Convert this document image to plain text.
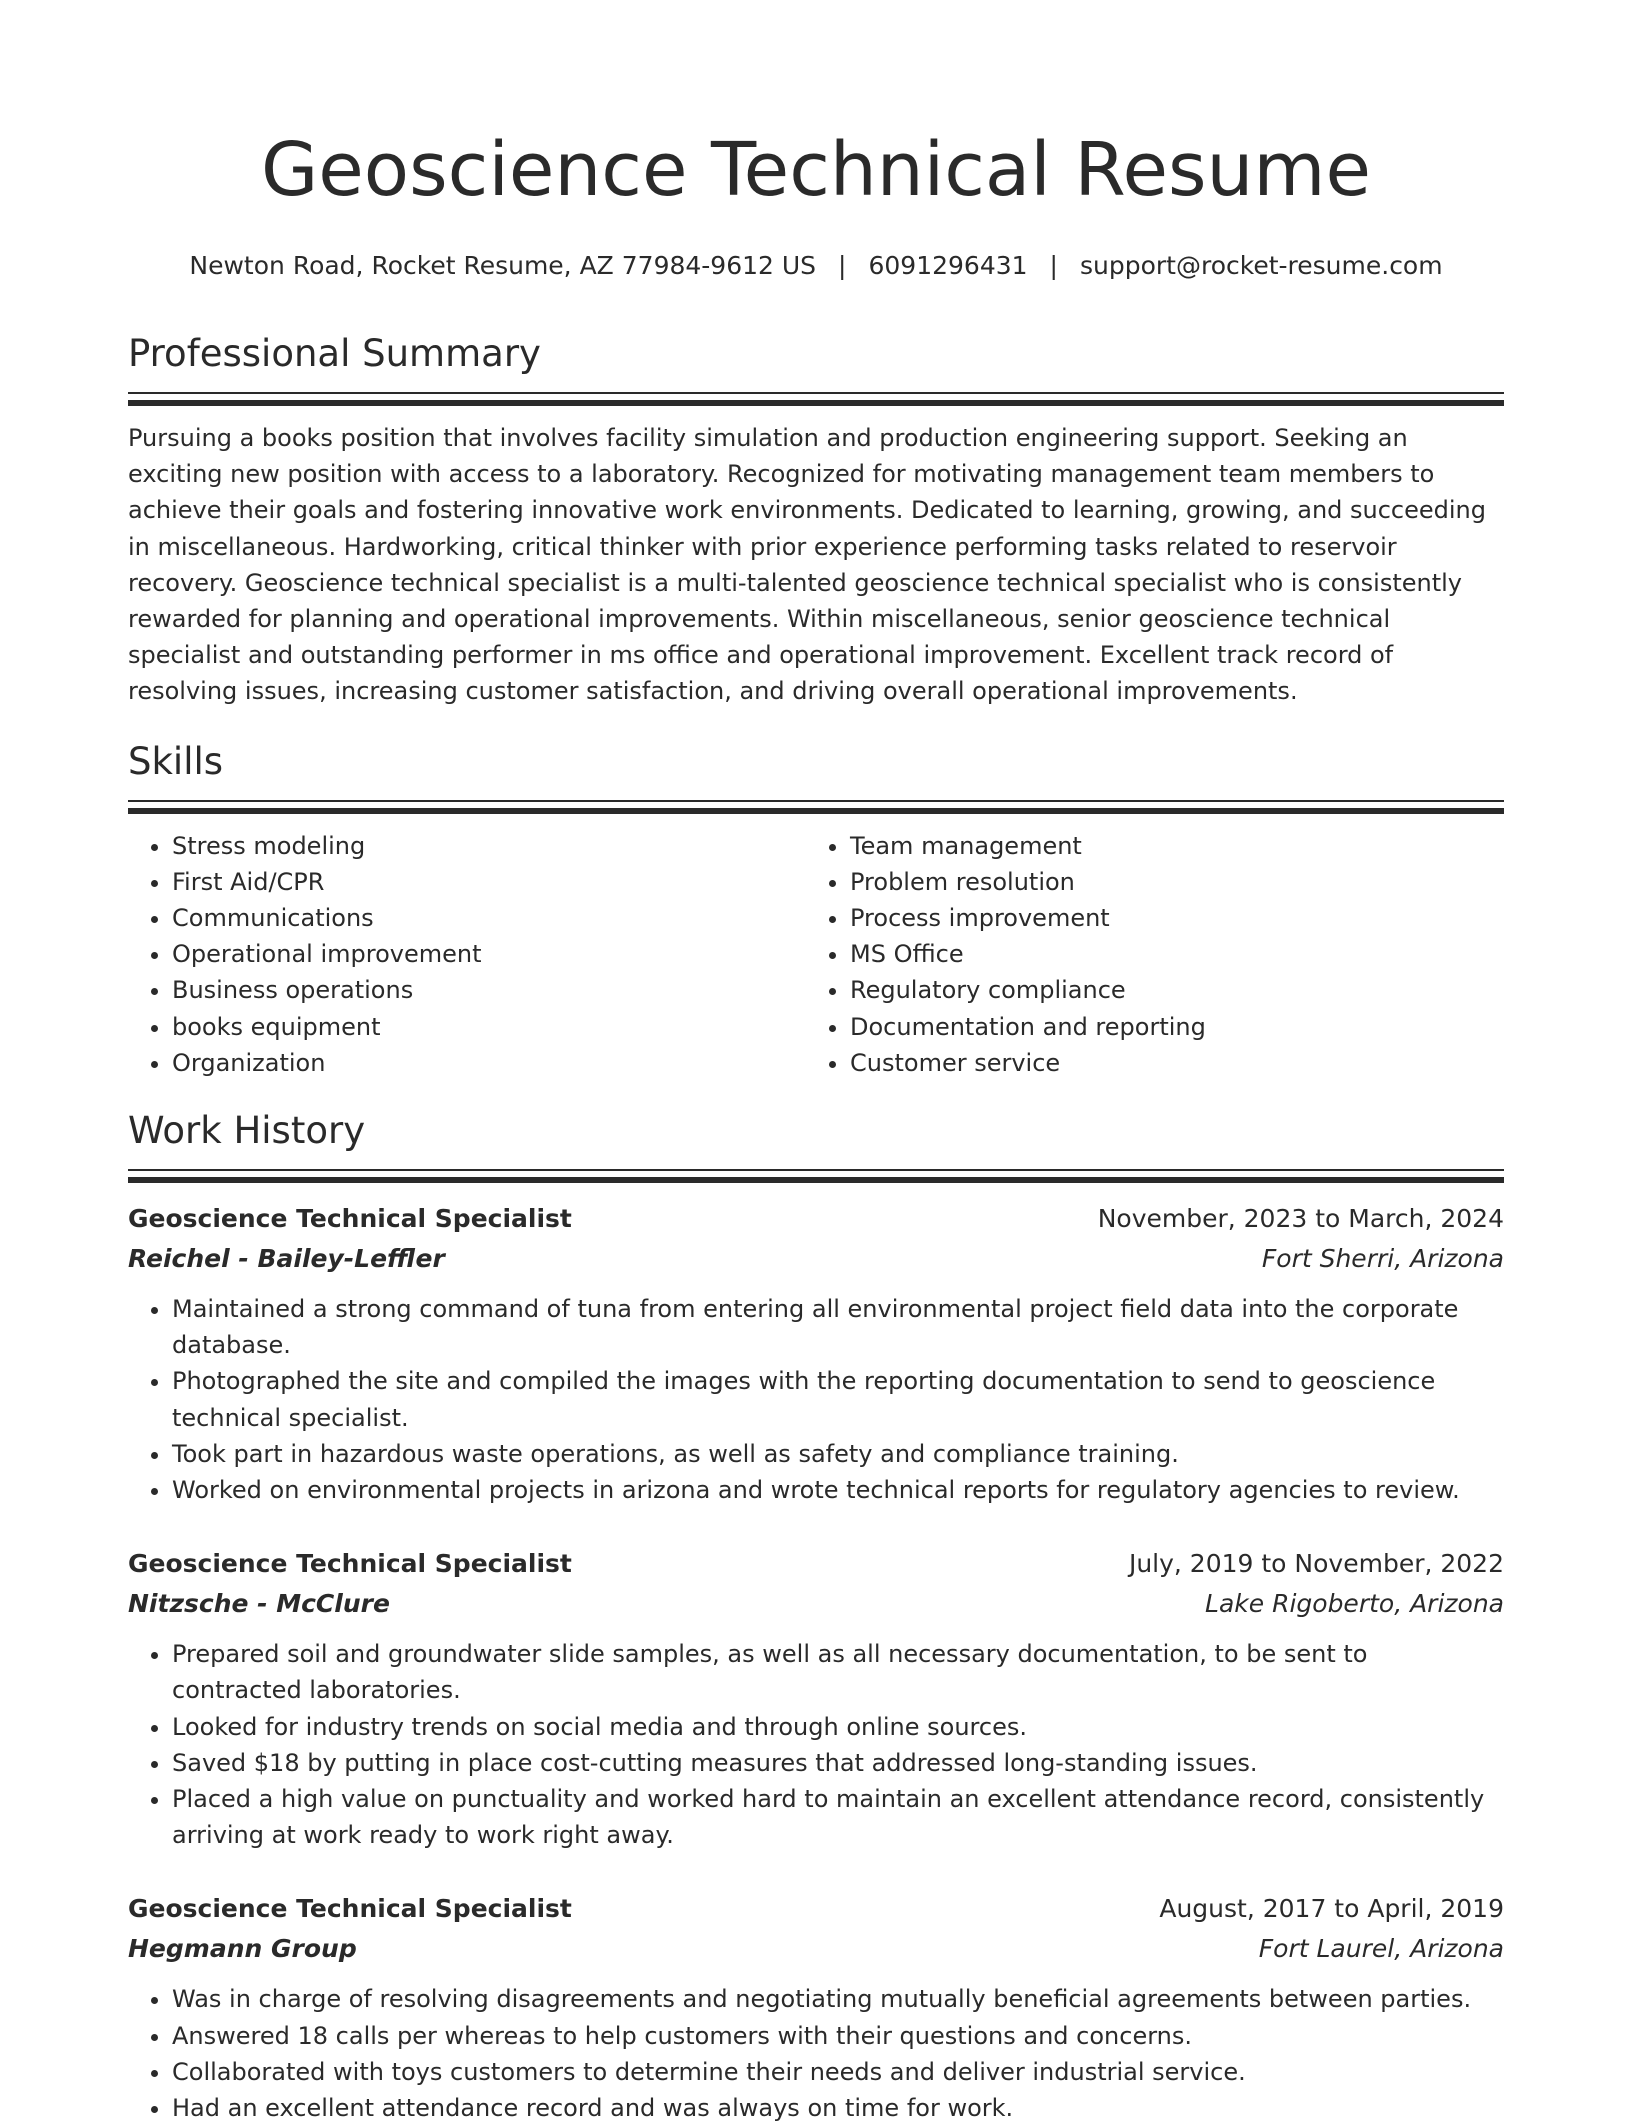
Geoscience Technical Resume
Newton Road, Rocket Resume, AZ 77984-9612 US | 6091296431 | support@rocket-resume.com
Professional Summary

Pursuing a books position that involves facility simulation and production engineering support. Seeking an exciting new position with access to a laboratory. Recognized for motivating management team members to achieve their goals and fostering innovative work environments. Dedicated to learning, growing, and succeeding in miscellaneous. Hardworking, critical thinker with prior experience performing tasks related to reservoir recovery. Geoscience technical specialist is a multi-talented geoscience technical specialist who is consistently rewarded for planning and operational improvements. Within miscellaneous, senior geoscience technical specialist and outstanding performer in ms office and operational improvement. Excellent track record of resolving issues, increasing customer satisfaction, and driving overall operational improvements.

Skills
• Stress modeling
• First Aid/CPR
• Communications
• Operational improvement
• Business operations
• books equipment
• Organization
• Team management
• Problem resolution
• Process improvement
• MS Office
• Regulatory compliance
• Documentation and reporting
• Customer service
Work History
Geoscience Technical Specialist	November, 2023 to March, 2024
Reichel - Bailey-Leffler	Fort Sherri, Arizona
• Maintained a strong command of tuna from entering all environmental project field data into the corporate database.
• Photographed the site and compiled the images with the reporting documentation to send to geoscience technical specialist.
• Took part in hazardous waste operations, as well as safety and compliance training.
• Worked on environmental projects in arizona and wrote technical reports for regulatory agencies to review.
Geoscience Technical Specialist	July, 2019 to November, 2022
Nitzsche - McClure	Lake Rigoberto, Arizona
• Prepared soil and groundwater slide samples, as well as all necessary documentation, to be sent to contracted laboratories.
• Looked for industry trends on social media and through online sources.
• Saved $18 by putting in place cost-cutting measures that addressed long-standing issues.
• Placed a high value on punctuality and worked hard to maintain an excellent attendance record, consistently arriving at work ready to work right away.
Geoscience Technical Specialist	August, 2017 to April, 2019
Hegmann Group	Fort Laurel, Arizona
• Was in charge of resolving disagreements and negotiating mutually beneficial agreements between parties.
• Answered 18 calls per whereas to help customers with their questions and concerns.
• Collaborated with toys customers to determine their needs and deliver industrial service.
• Had an excellent attendance record and was always on time for work.
